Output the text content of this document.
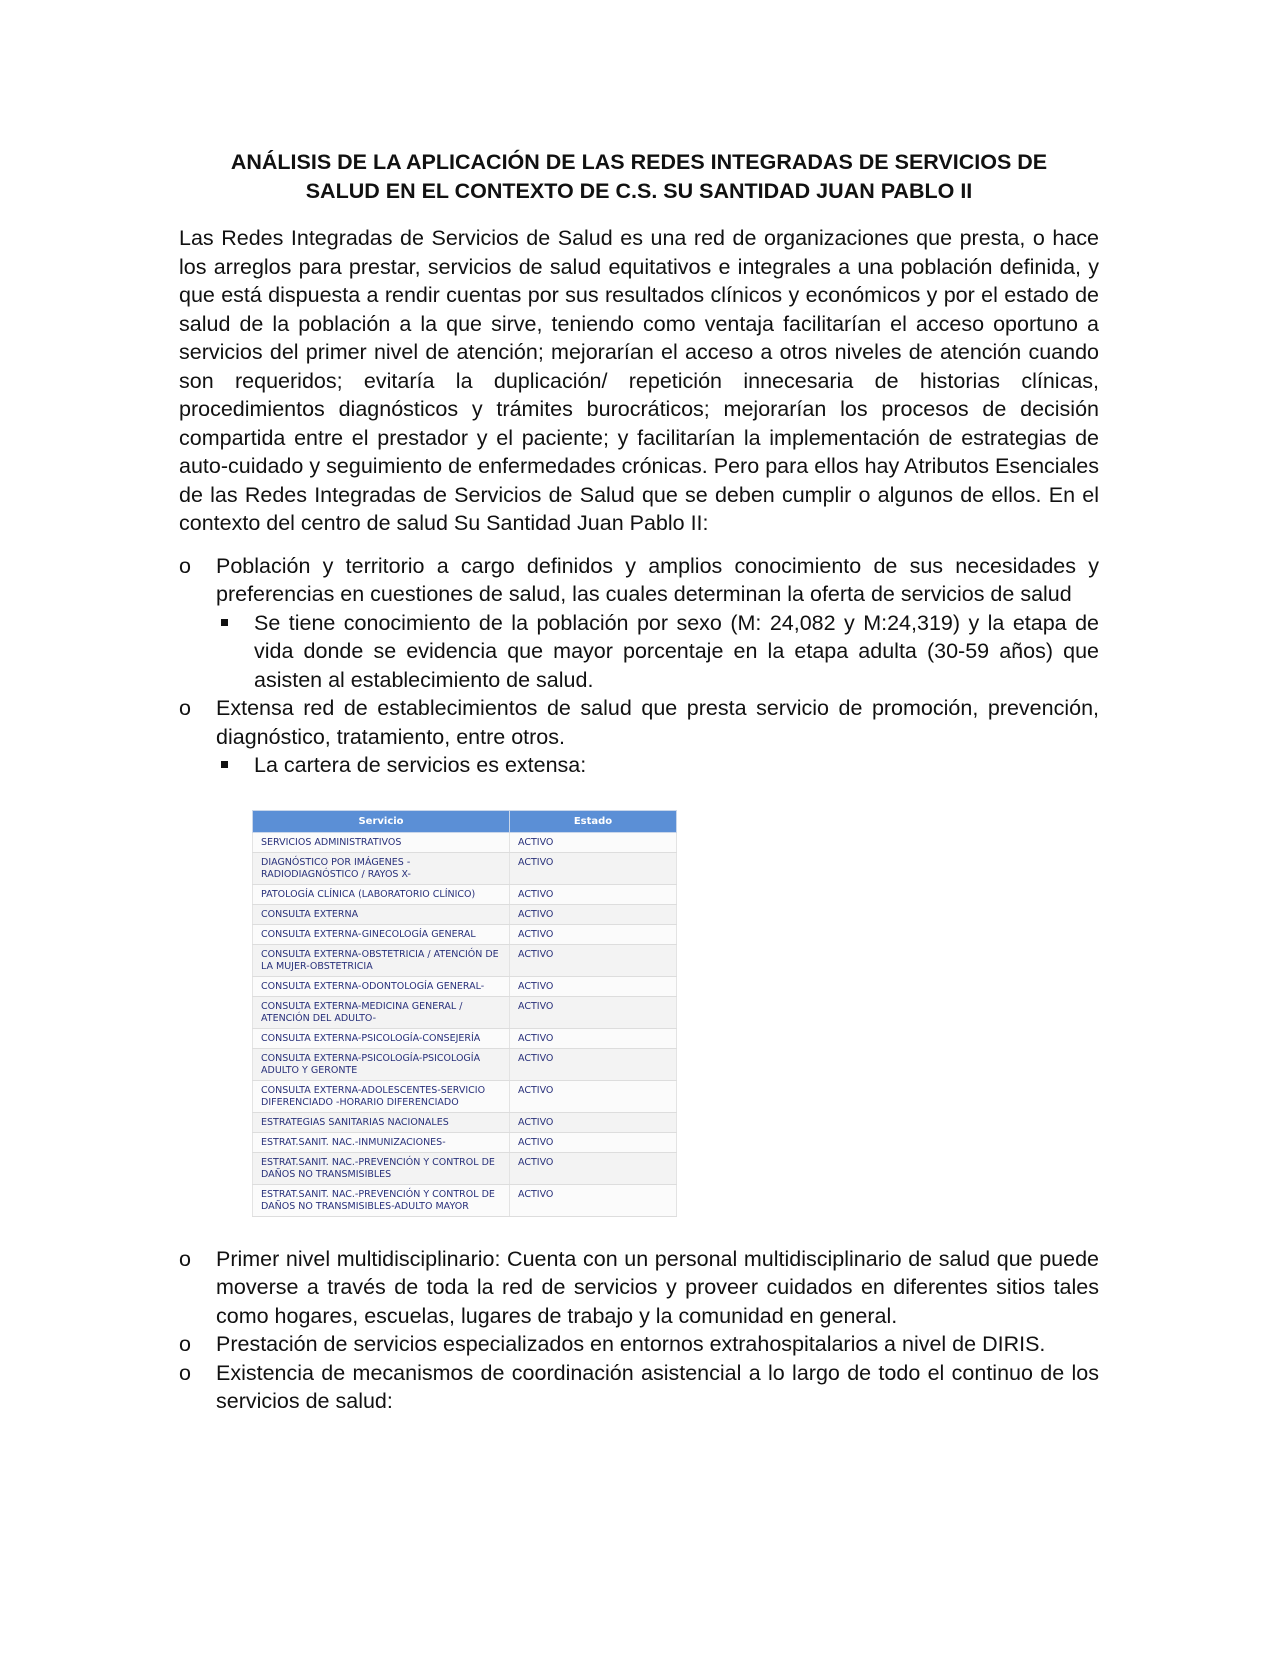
ANÁLISIS DE LA APLICACIÓN DE LAS REDES INTEGRADAS DE SERVICIOS DE
SALUD EN EL CONTEXTO DE C.S. SU SANTIDAD JUAN PABLO II

Las Redes Integradas de Servicios de Salud es una red de organizaciones que presta, o hace los arreglos para prestar, servicios de salud equitativos e integrales a una población definida, y que está dispuesta a rendir cuentas por sus resultados clínicos y económicos y por el estado de salud de la población a la que sirve, teniendo como ventaja facilitarían el acceso oportuno a servicios del primer nivel de atención; mejorarían el acceso a otros niveles de atención cuando son requeridos; evitaría la duplicación/ repetición innecesaria de historias clínicas, procedimientos diagnósticos y trámites burocráticos; mejorarían los procesos de decisión compartida entre el prestador y el paciente; y facilitarían la implementación de estrategias de auto-cuidado y seguimiento de enfermedades crónicas. Pero para ellos hay Atributos Esenciales de las Redes Integradas de Servicios de Salud que se deben cumplir o algunos de ellos. En el contexto del centro de salud Su Santidad Juan Pablo II:

o Población y territorio a cargo definidos y amplios conocimiento de sus necesidades y preferencias en cuestiones de salud, las cuales determinan la oferta de servicios de salud
Se tiene conocimiento de la población por sexo (M: 24,082 y M:24,319) y la etapa de vida donde se evidencia que mayor porcentaje en la etapa adulta (30-59 años) que asisten al establecimiento de salud.
o Extensa red de establecimientos de salud que presta servicio de promoción, prevención, diagnóstico, tratamiento, entre otros.
La cartera de servicios es extensa:
Servicio	Estado
SERVICIOS ADMINISTRATIVOS	ACTIVO
DIAGNÓSTICO POR IMÁGENES - RADIODIAGNÓSTICO / RAYOS X-	ACTIVO
PATOLOGÍA CLÍNICA (LABORATORIO CLÍNICO)	ACTIVO
CONSULTA EXTERNA	ACTIVO
CONSULTA EXTERNA-GINECOLOGÍA GENERAL	ACTIVO
CONSULTA EXTERNA-OBSTETRICIA / ATENCIÓN DE LA MUJER-OBSTETRICIA	ACTIVO
CONSULTA EXTERNA-ODONTOLOGÍA GENERAL-	ACTIVO
CONSULTA EXTERNA-MEDICINA GENERAL / ATENCIÓN DEL ADULTO-	ACTIVO
CONSULTA EXTERNA-PSICOLOGÍA-CONSEJERÍA	ACTIVO
CONSULTA EXTERNA-PSICOLOGÍA-PSICOLOGÍA ADULTO Y GERONTE	ACTIVO
CONSULTA EXTERNA-ADOLESCENTES-SERVICIO DIFERENCIADO -HORARIO DIFERENCIADO	ACTIVO
ESTRATEGIAS SANITARIAS NACIONALES	ACTIVO
ESTRAT.SANIT. NAC.-INMUNIZACIONES-	ACTIVO
ESTRAT.SANIT. NAC.-PREVENCIÓN Y CONTROL DE DAÑOS NO TRANSMISIBLES	ACTIVO
ESTRAT.SANIT. NAC.-PREVENCIÓN Y CONTROL DE DAÑOS NO TRANSMISIBLES-ADULTO MAYOR	ACTIVO
o Primer nivel multidisciplinario: Cuenta con un personal multidisciplinario de salud que puede moverse a través de toda la red de servicios y proveer cuidados en diferentes sitios tales como hogares, escuelas, lugares de trabajo y la comunidad en general.
o Prestación de servicios especializados en entornos extrahospitalarios a nivel de DIRIS.
o Existencia de mecanismos de coordinación asistencial a lo largo de todo el continuo de los servicios de salud:
